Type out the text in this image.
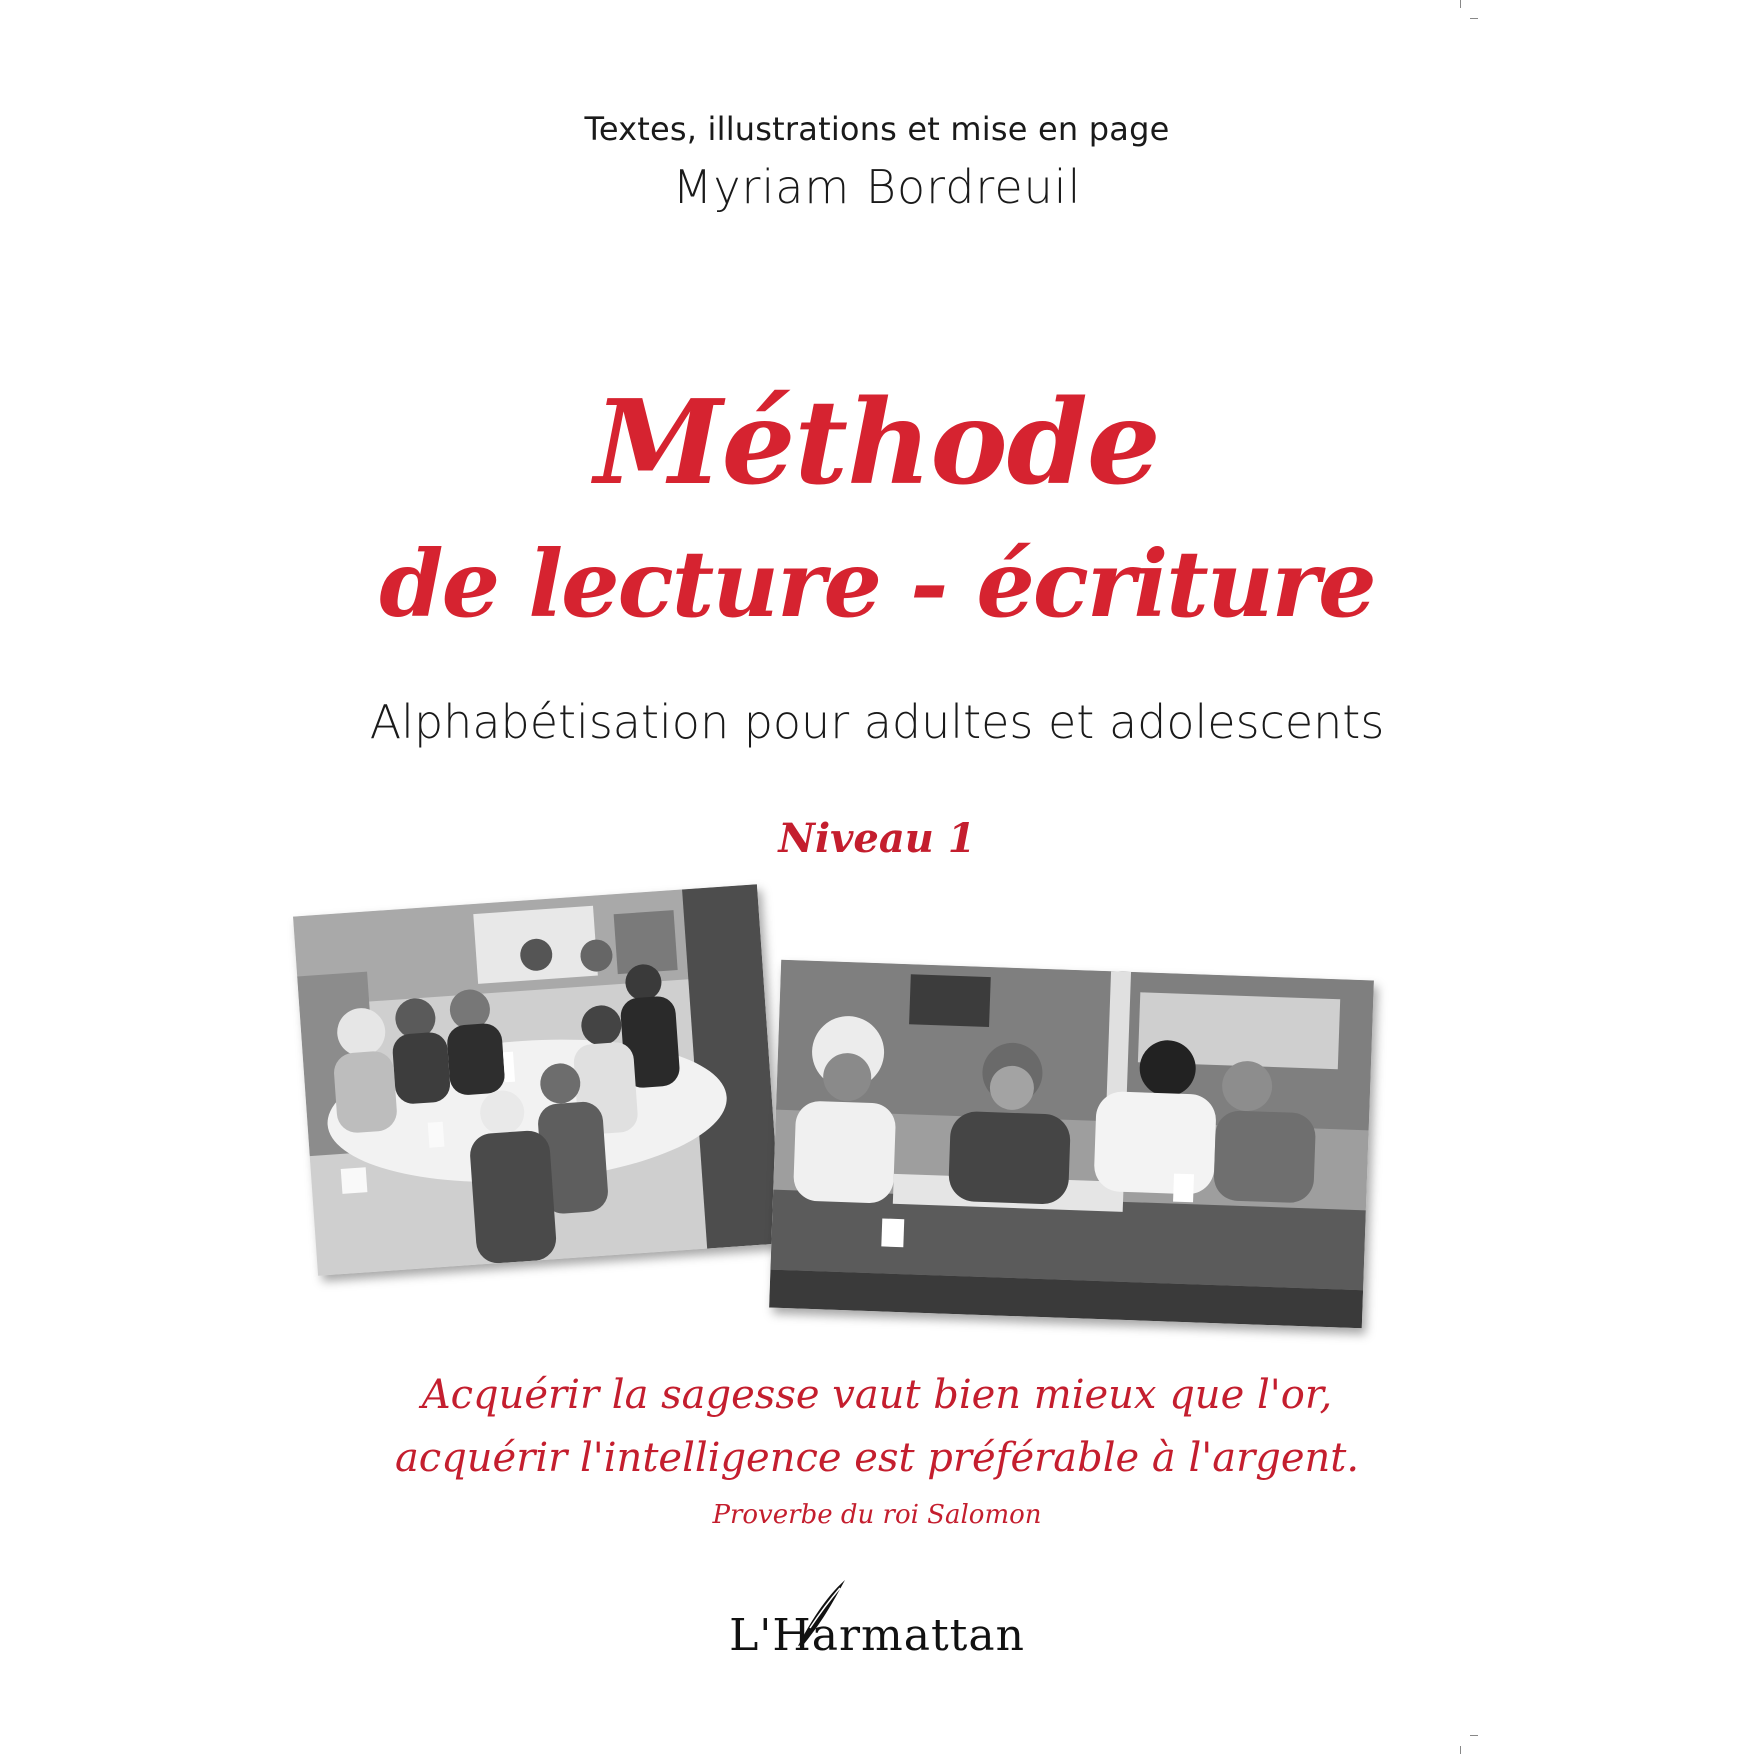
Textes, illustrations et mise en page
Myriam Bordreuil
Méthode
de lecture - écriture
Alphabétisation pour adultes et adolescents
Niveau 1
Acquérir la sagesse vaut bien mieux que l'or,
acquérir l'intelligence est préférable à l'argent.
Proverbe du roi Salomon
L'Harmattan
